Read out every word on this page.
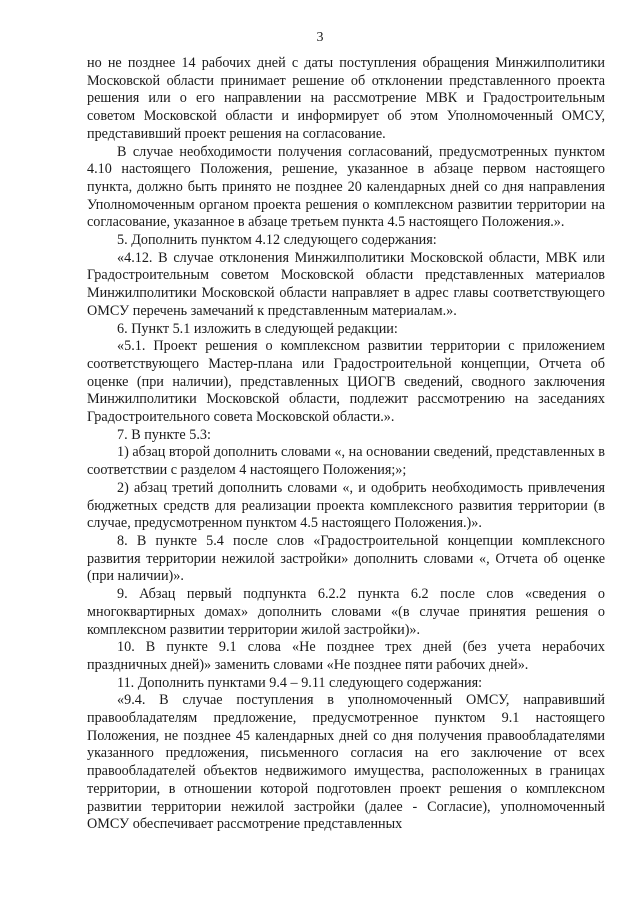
3

но не позднее 14 рабочих дней с даты поступления обращения Минжилполитики Московской области принимает решение об отклонении представленного проекта решения или о его направлении на рассмотрение МВК и Градостроительным советом Московской области и информирует об этом Уполномоченный ОМСУ, представивший проект решения на согласование.

В случае необходимости получения согласований, предусмотренных пунктом 4.10 настоящего Положения, решение, указанное в абзаце первом настоящего пункта, должно быть принято не позднее 20 календарных дней со дня направления Уполномоченным органом проекта решения о комплексном развитии территории на согласование, указанное в абзаце третьем пункта 4.5 настоящего Положения.».

5. Дополнить пунктом 4.12 следующего содержания:

«4.12. В случае отклонения Минжилполитики Московской области, МВК или Градостроительным советом Московской области представленных материалов Минжилполитики Московской области направляет в адрес главы соответствующего ОМСУ перечень замечаний к представленным материалам.».

6. Пункт 5.1 изложить в следующей редакции:

«5.1. Проект решения о комплексном развитии территории с приложением соответствующего Мастер-плана или Градостроительной концепции, Отчета об оценке (при наличии), представленных ЦИОГВ сведений, сводного заключения Минжилполитики Московской области, подлежит рассмотрению на заседаниях Градостроительного совета Московской области.».

7. В пункте 5.3:

1) абзац второй дополнить словами «, на основании сведений, представленных в соответствии с разделом 4 настоящего Положения;»;

2) абзац третий дополнить словами «, и одобрить необходимость привлечения бюджетных средств для реализации проекта комплексного развития территории (в случае, предусмотренном пунктом 4.5 настоящего Положения.)».

8. В пункте 5.4 после слов «Градостроительной концепции комплексного развития территории нежилой застройки» дополнить словами «, Отчета об оценке (при наличии)».

9. Абзац первый подпункта 6.2.2 пункта 6.2 после слов «сведения о многоквартирных домах» дополнить словами «(в случае принятия решения о комплексном развитии территории жилой застройки)».

10. В пункте 9.1 слова «Не позднее трех дней (без учета нерабочих праздничных дней)» заменить словами «Не позднее пяти рабочих дней».

11. Дополнить пунктами 9.4 – 9.11 следующего содержания:

«9.4. В случае поступления в уполномоченный ОМСУ, направивший правообладателям предложение, предусмотренное пунктом 9.1 настоящего Положения, не позднее 45 календарных дней со дня получения правообладателями указанного предложения, письменного согласия на его заключение от всех правообладателей объектов недвижимого имущества, расположенных в границах территории, в отношении которой подготовлен проект решения о комплексном развитии территории нежилой застройки (далее - Согласие), уполномоченный ОМСУ обеспечивает рассмотрение представленных
